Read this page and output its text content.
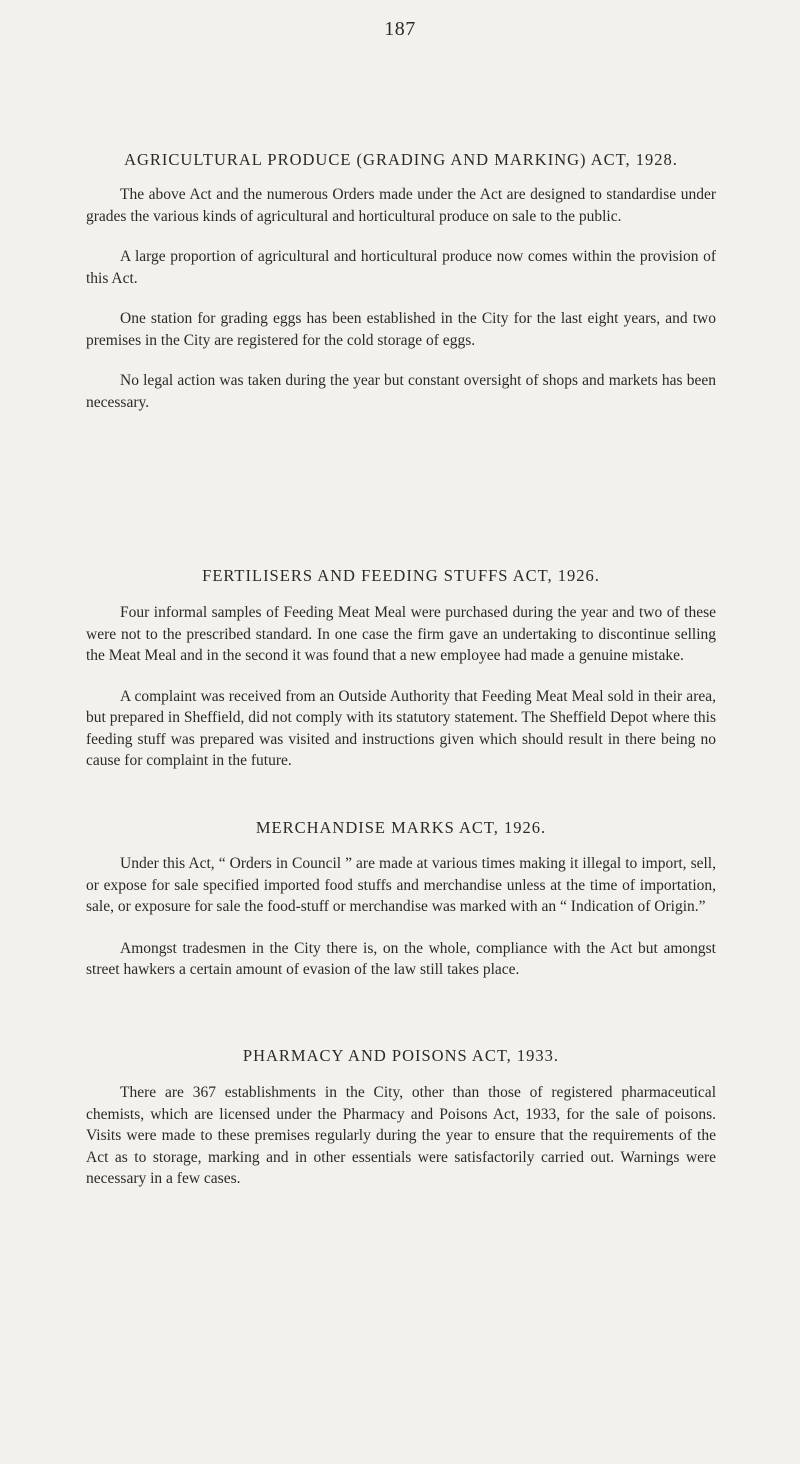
187
AGRICULTURAL PRODUCE (GRADING AND MARKING) ACT, 1928.

The above Act and the numerous Orders made under the Act are designed to standardise under grades the various kinds of agricultural and horticultural produce on sale to the public.

A large proportion of agricultural and horticultural produce now comes within the provision of this Act.

One station for grading eggs has been established in the City for the last eight years, and two premises in the City are registered for the cold storage of eggs.

No legal action was taken during the year but constant oversight of shops and markets has been necessary.

FERTILISERS AND FEEDING STUFFS ACT, 1926.

Four informal samples of Feeding Meat Meal were purchased during the year and two of these were not to the prescribed standard. In one case the firm gave an undertaking to discontinue selling the Meat Meal and in the second it was found that a new employee had made a genuine mistake.

A complaint was received from an Outside Authority that Feeding Meat Meal sold in their area, but prepared in Sheffield, did not comply with its statutory statement. The Sheffield Depot where this feeding stuff was prepared was visited and instructions given which should result in there being no cause for complaint in the future.

MERCHANDISE MARKS ACT, 1926.

Under this Act, “ Orders in Council ” are made at various times making it illegal to import, sell, or expose for sale specified imported food stuffs and merchandise unless at the time of importation, sale, or exposure for sale the food-stuff or merchandise was marked with an “ Indication of Origin.”

Amongst tradesmen in the City there is, on the whole, compliance with the Act but amongst street hawkers a certain amount of evasion of the law still takes place.

PHARMACY AND POISONS ACT, 1933.

There are 367 establishments in the City, other than those of registered pharmaceutical chemists, which are licensed under the Pharmacy and Poisons Act, 1933, for the sale of poisons. Visits were made to these premises regularly during the year to ensure that the requirements of the Act as to storage, marking and in other essentials were satisfactorily carried out. Warnings were necessary in a few cases.
